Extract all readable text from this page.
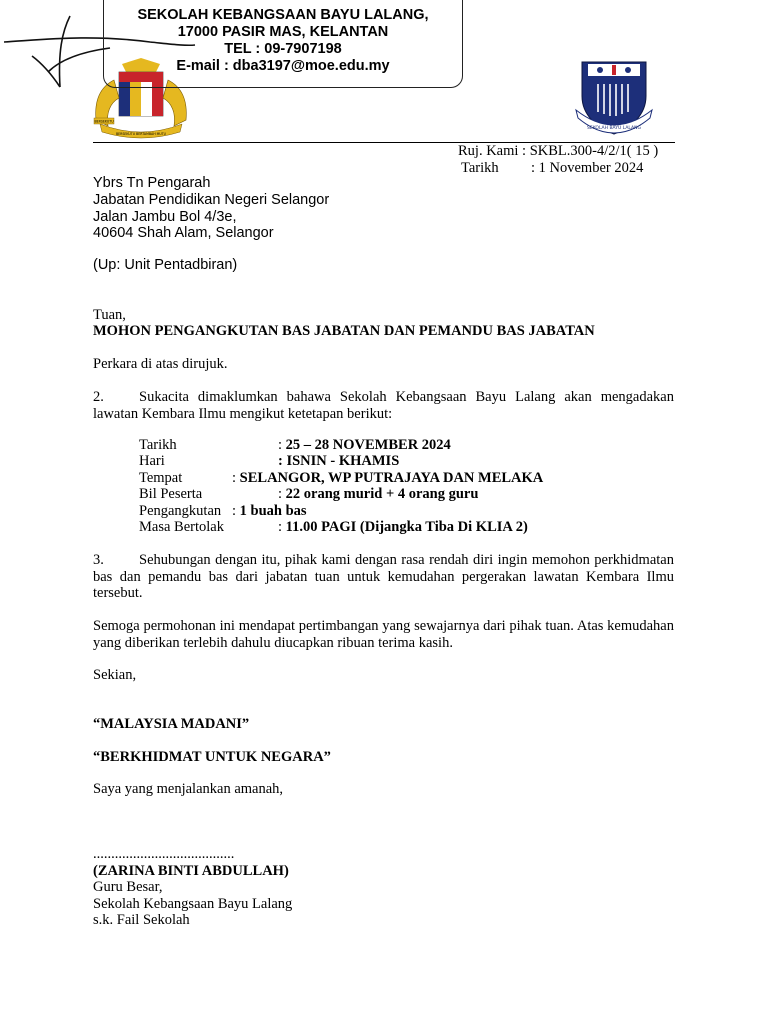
BERSEKUTU
BERSEKUTU BERTAMBAH MUTU
SEKOLAH BAYU LALANG
SEKOLAH KEBANGSAAN BAYU LALANG,
17000 PASIR MAS, KELANTAN
TEL : 09-7907198
E-mail : dba3197@moe.edu.my
Ruj. Kami : SKBL.300-4/2/1( 15 )
Tarikh : 1 November 2024
Ybrs Tn Pengarah
Jabatan Pendidikan Negeri Selangor
Jalan Jambu Bol 4/3e,
40604 Shah Alam, Selangor
(Up: Unit Pentadbiran)
Tuan,
MOHON PENGANGKUTAN BAS JABATAN DAN PEMANDU BAS JABATAN
Perkara di atas dirujuk.
2. Sukacita dimaklumkan bahawa Sekolah Kebangsaan Bayu Lalang akan mengadakan lawatan Kembara Ilmu mengikut ketetapan berikut:
Tarikh	: 25 – 28 NOVEMBER 2024
Hari	: ISNIN - KHAMIS
Tempat	: SELANGOR, WP PUTRAJAYA DAN MELAKA
Bil Peserta	: 22 orang murid + 4 orang guru
Pengangkutan : 1 buah bas
Masa Bertolak	: 11.00 PAGI (Dijangka Tiba Di KLIA 2)
3. Sehubungan dengan itu, pihak kami dengan rasa rendah diri ingin memohon perkhidmatan bas dan pemandu bas dari jabatan tuan untuk kemudahan pergerakan lawatan Kembara Ilmu tersebut.
Semoga permohonan ini mendapat pertimbangan yang sewajarnya dari pihak tuan. Atas kemudahan yang diberikan terlebih dahulu diucapkan ribuan terima kasih.
Sekian,
“MALAYSIA MADANI”
“BERKHIDMAT UNTUK NEGARA”
Saya yang menjalankan amanah,
.......................................
(ZARINA BINTI ABDULLAH)
Guru Besar,
Sekolah Kebangsaan Bayu Lalang
s.k. Fail Sekolah
